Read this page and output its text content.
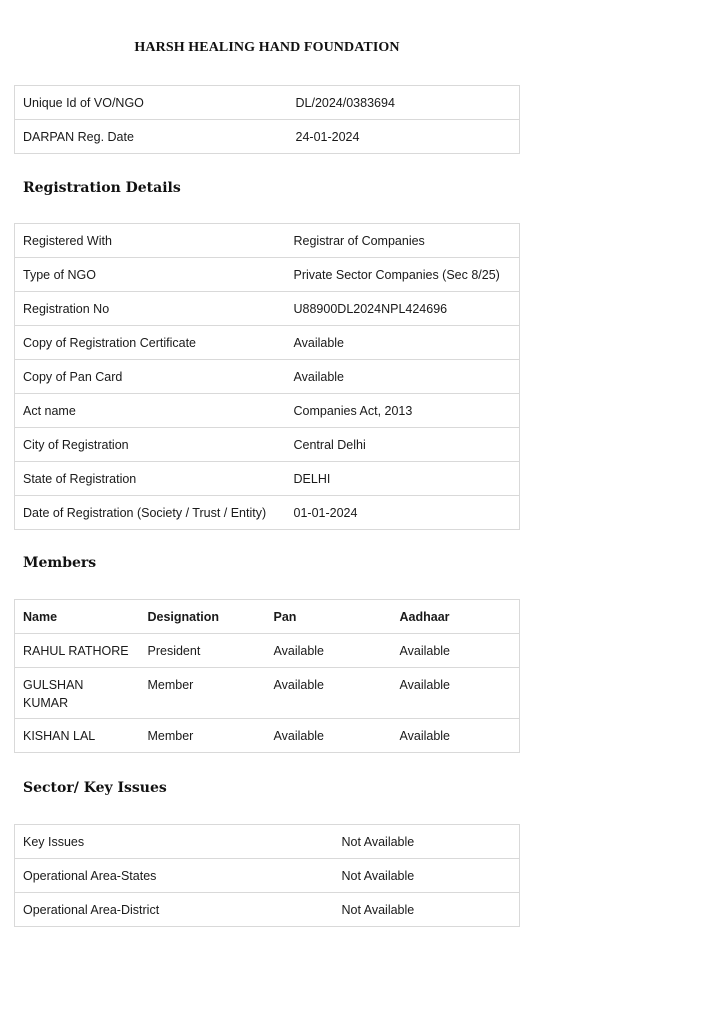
HARSH HEALING HAND FOUNDATION
Unique Id of VO/NGO	DL/2024/0383694
DARPAN Reg. Date	24-01-2024
Registration Details
Registered With	Registrar of Companies
Type of NGO	Private Sector Companies (Sec 8/25)
Registration No	U88900DL2024NPL424696
Copy of Registration Certificate	Available
Copy of Pan Card	Available
Act name	Companies Act, 2013
City of Registration	Central Delhi
State of Registration	DELHI
Date of Registration (Society / Trust / Entity)	01-01-2024
Members
Name	Designation	Pan	Aadhaar
RAHUL RATHORE	President	Available	Available

GULSHAN
KUMAR	Member	Available	Available
KISHAN LAL	Member	Available	Available
Sector/ Key Issues
Key Issues	Not Available
Operational Area-States	Not Available
Operational Area-District	Not Available
